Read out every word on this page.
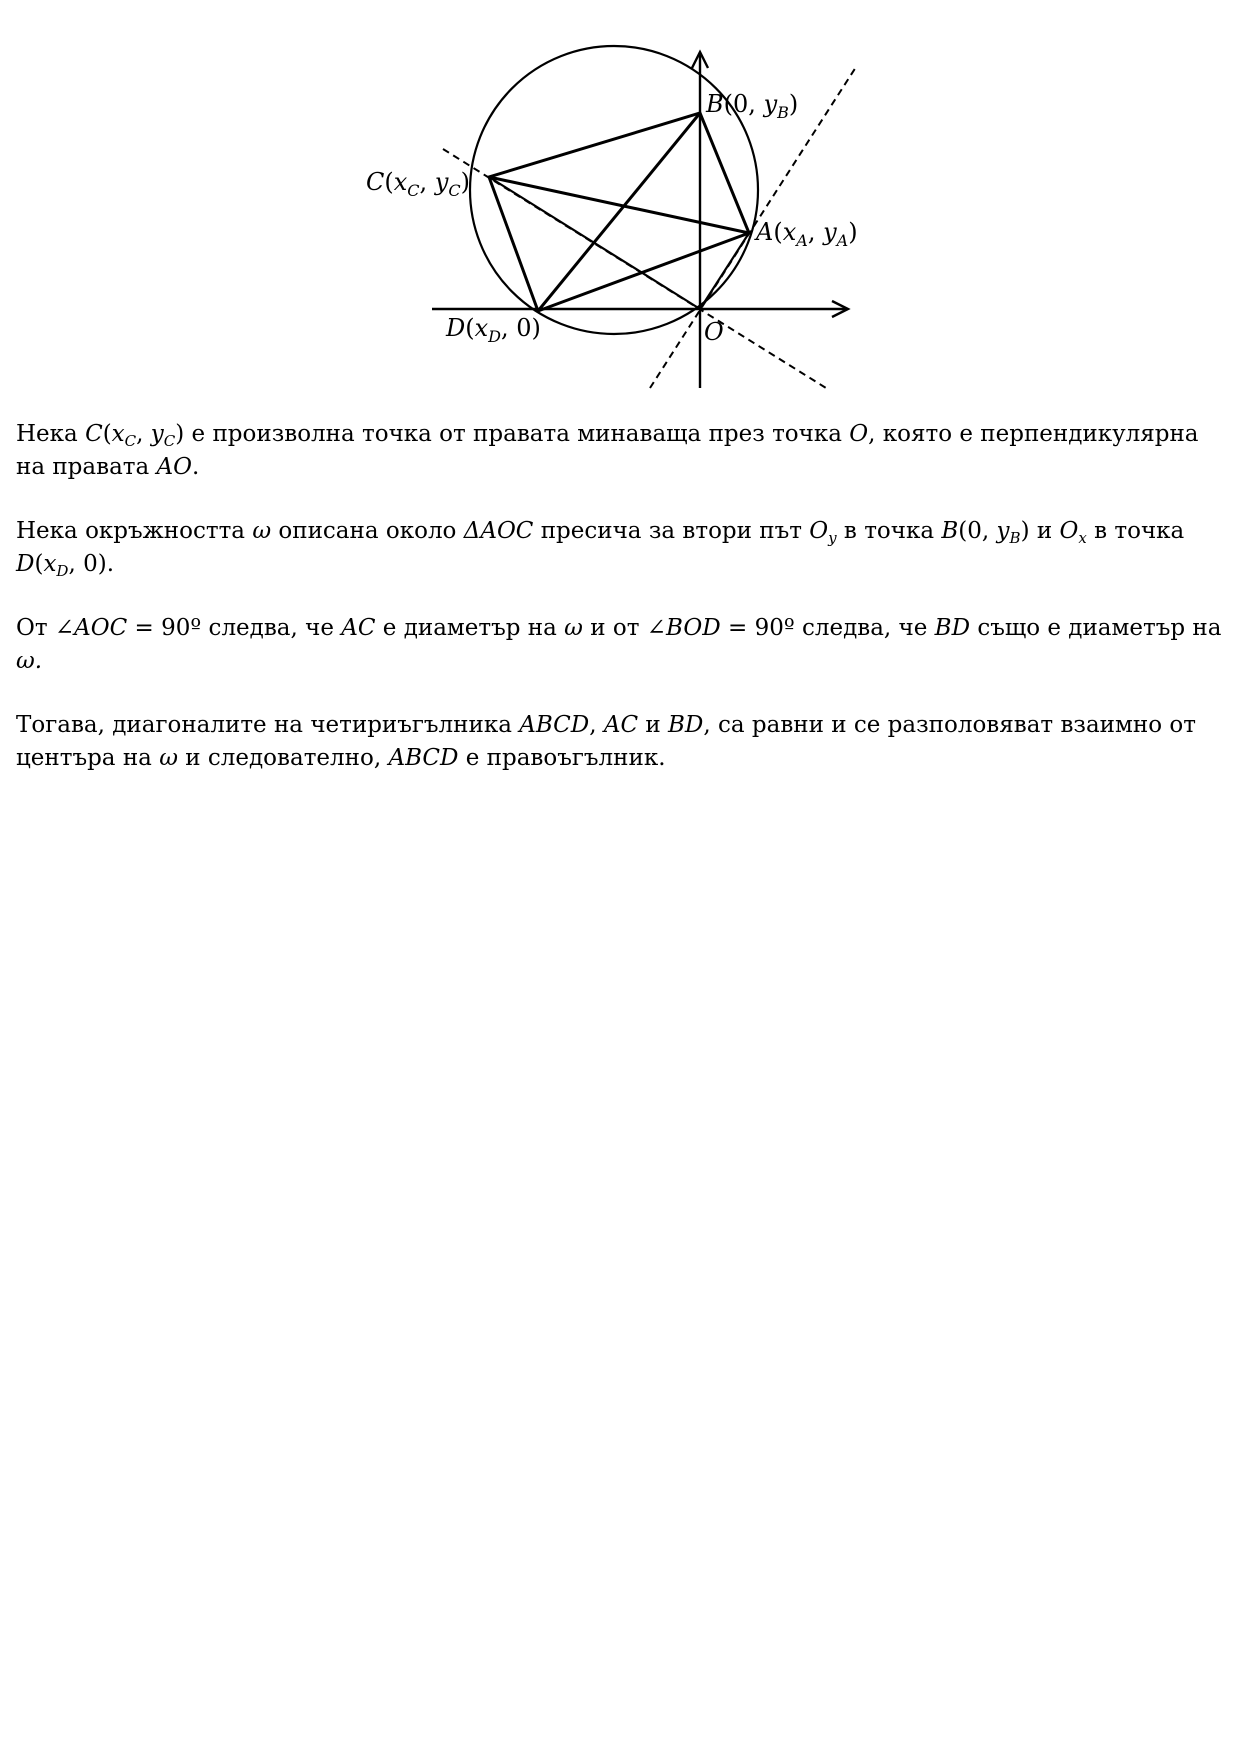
B(0, $y_B$)
$C(x_C$, $y_C$)
$A(x_A$, $y_A$)
$D(x_D$, 0)	O

Нека $C(x_C$, $y_C$) е произволна точка от правата минаваща през точка O, която е перпендикулярна на правата AO.

Нека окръжността ω описана около ΔAOC пресича за втори път $O_y$ в точка B(0, $y_B$) и $O_x$ в точка $D(x_D$, 0).

От ∠AOC = 90º следва, че AC е диаметър на ω и от ∠BOD = 90º следва, че BD също е диаметър на ω.

Тогава, диагоналите на четириъгълника ABCD, AC и BD, са равни и се разполовяват взаимно от центъра на ω и следователно, ABCD е правоъгълник.
